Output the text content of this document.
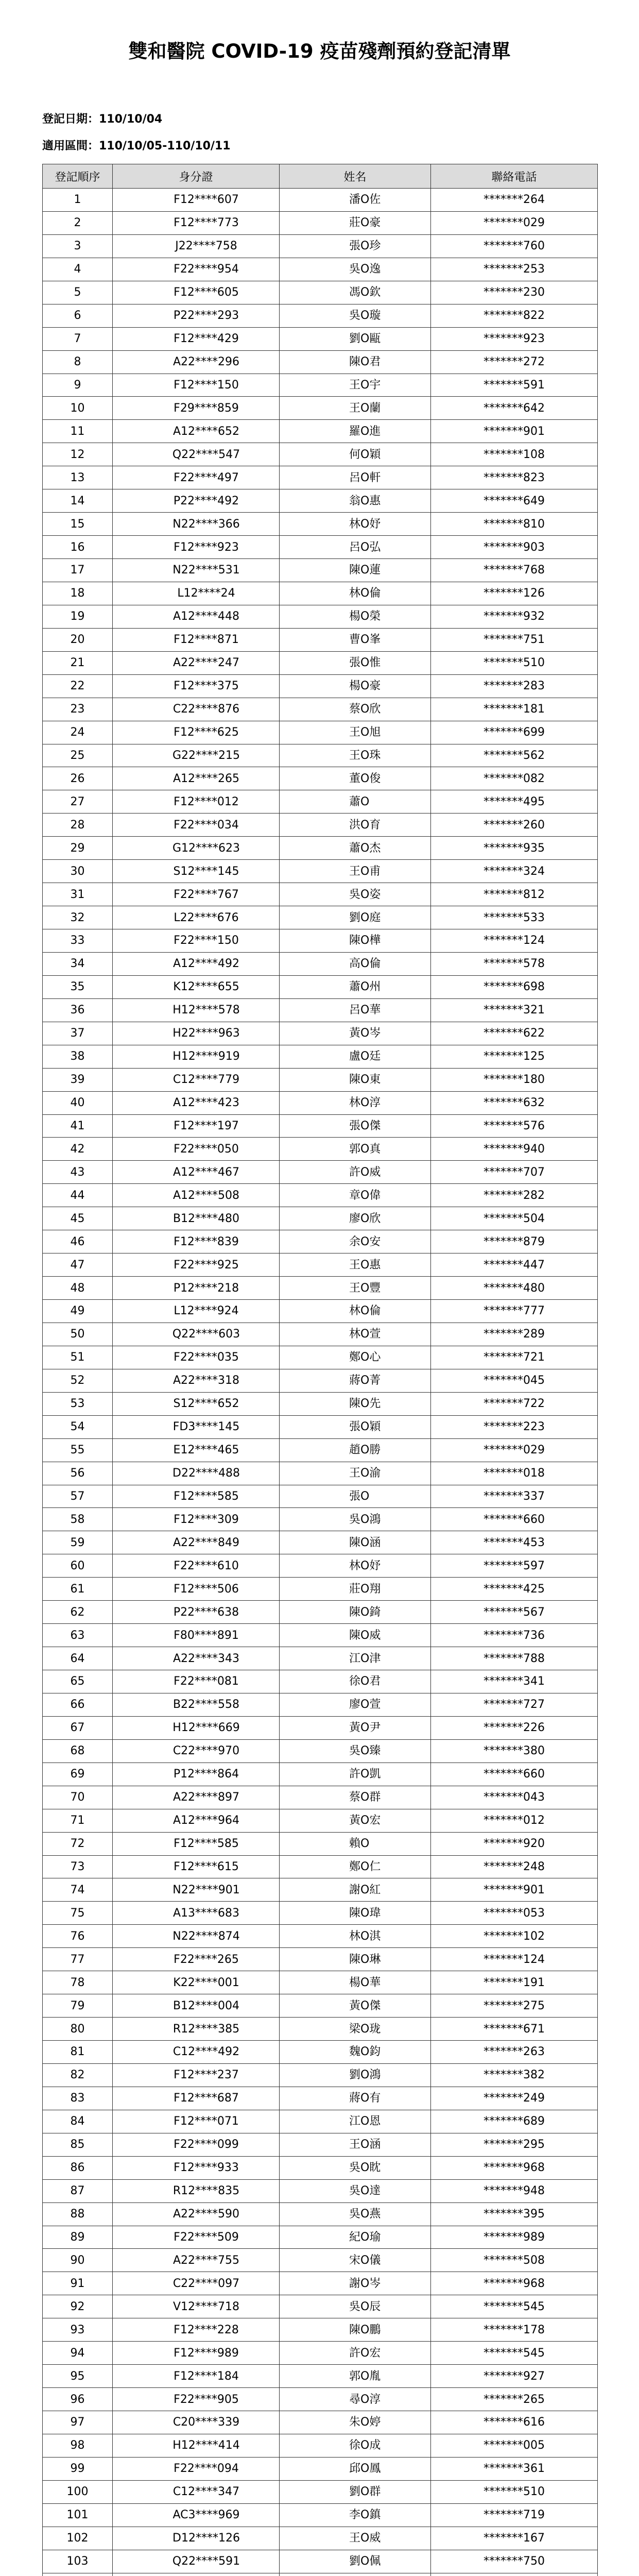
雙和醫院 COVID-19 疫苗殘劑預約登記清單
登記日期：110/10/04
適用區間：110/10/05-110/10/11
登記順序	身分證	姓名	聯絡電話
1	F12****607	潘O佐	*******264
2	F12****773	莊O豪	*******029
3	J22****758	張O珍	*******760
4	F22****954	吳O逸	*******253
5	F12****605	馮O欽	*******230
6	P22****293	吳O璇	*******822
7	F12****429	劉O甌	*******923
8	A22****296	陳O君	*******272
9	F12****150	王O宇	*******591
10	F29****859	王O蘭	*******642
11	A12****652	羅O進	*******901
12	Q22****547	何O穎	*******108
13	F22****497	呂O軒	*******823
14	P22****492	翁O惠	*******649
15	N22****366	林O妤	*******810
16	F12****923	呂O弘	*******903
17	N22****531	陳O蓮	*******768
18	L12****24	林O倫	*******126
19	A12****448	楊O榮	*******932
20	F12****871	曹O峯	*******751
21	A22****247	張O惟	*******510
22	F12****375	楊O豪	*******283
23	C22****876	蔡O欣	*******181
24	F12****625	王O旭	*******699
25	G22****215	王O珠	*******562
26	A12****265	董O俊	*******082
27	F12****012	蕭O	*******495
28	F22****034	洪O育	*******260
29	G12****623	蕭O杰	*******935
30	S12****145	王O甫	*******324
31	F22****767	吳O姿	*******812
32	L22****676	劉O庭	*******533
33	F22****150	陳O樺	*******124
34	A12****492	高O倫	*******578
35	K12****655	蕭O州	*******698
36	H12****578	呂O華	*******321
37	H22****963	黃O岑	*******622
38	H12****919	盧O廷	*******125
39	C12****779	陳O東	*******180
40	A12****423	林O淳	*******632
41	F12****197	張O傑	*******576
42	F22****050	郭O真	*******940
43	A12****467	許O威	*******707
44	A12****508	章O偉	*******282
45	B12****480	廖O欣	*******504
46	F12****839	余O安	*******879
47	F22****925	王O惠	*******447
48	P12****218	王O豐	*******480
49	L12****924	林O倫	*******777
50	Q22****603	林O萱	*******289
51	F22****035	鄭O心	*******721
52	A22****318	蔣O菁	*******045
53	S12****652	陳O先	*******722
54	FD3****145	張O穎	*******223
55	E12****465	趙O勝	*******029
56	D22****488	王O渝	*******018
57	F12****585	張O	*******337
58	F12****309	吳O鴻	*******660
59	A22****849	陳O涵	*******453
60	F22****610	林O妤	*******597
61	F12****506	莊O翔	*******425
62	P22****638	陳O錡	*******567
63	F80****891	陳O威	*******736
64	A22****343	江O津	*******788
65	F22****081	徐O君	*******341
66	B22****558	廖O萱	*******727
67	H12****669	黃O尹	*******226
68	C22****970	吳O臻	*******380
69	P12****864	許O凱	*******660
70	A22****897	蔡O群	*******043
71	A12****964	黃O宏	*******012
72	F12****585	賴O	*******920
73	F12****615	鄭O仁	*******248
74	N22****901	謝O紅	*******901
75	A13****683	陳O瑋	*******053
76	N22****874	林O淇	*******102
77	F22****265	陳O琳	*******124
78	K22****001	楊O華	*******191
79	B12****004	黃O傑	*******275
80	R12****385	梁O珑	*******671
81	C12****492	魏O鈞	*******263
82	F12****237	劉O鴻	*******382
83	F12****687	蔣O有	*******249
84	F12****071	江O恩	*******689
85	F22****099	王O涵	*******295
86	F12****933	吳O眈	*******968
87	R12****835	吳O達	*******948
88	A22****590	吳O燕	*******395
89	F22****509	紀O瑜	*******989
90	A22****755	宋O儀	*******508
91	C22****097	謝O岑	*******968
92	V12****718	吳O辰	*******545
93	F12****228	陳O鵬	*******178
94	F12****989	許O宏	*******545
95	F12****184	郭O胤	*******927
96	F22****905	尋O淳	*******265
97	C20****339	朱O婷	*******616
98	H12****414	徐O成	*******005
99	F22****094	邱O鳳	*******361
100	C12****347	劉O群	*******510
101	AC3****969	李O鎮	*******719
102	D12****126	王O威	*******167
103	Q22****591	劉O佩	*******750
